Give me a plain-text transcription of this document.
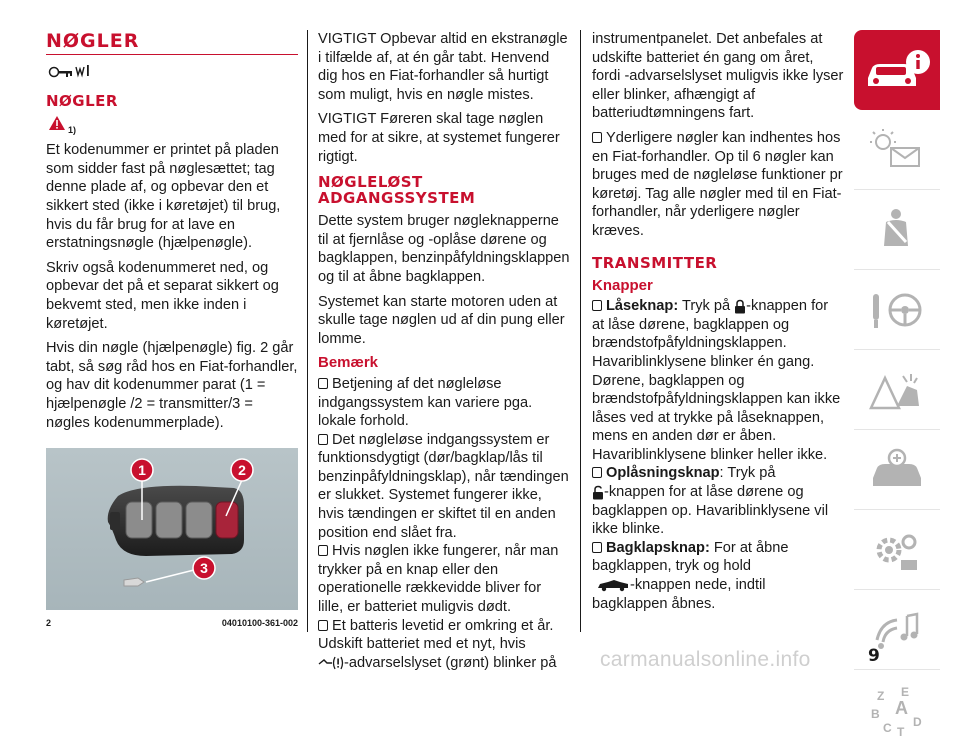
NØGLER
NØGLER
1)

Et kodenummer er printet på pladen som sidder fast på nøglesættet; tag denne plade af, og opbevar den et sikkert sted (ikke i køretøjet) til brug, hvis du får brug for at lave en erstatningsnøgle (hjælpenøgle).

Skriv også kodenummeret ned, og opbevar det på et separat sikkert og bekvemt sted, men ikke inden i køretøjet.

Hvis din nøgle (hjælpenøgle) fig. 2 går tabt, så søg råd hos en Fiat-forhandler, og hav dit kodenummer parat (1 = hjælpenøgle /2 = transmitter/3 = nøgles kodenummerplade).

1	2
3
2	04010100-361-002

VIGTIGT Opbevar altid en ekstranøgle i tilfælde af, at én går tabt. Henvend dig hos en Fiat-forhandler så hurtigt som muligt, hvis en nøgle mistes.

VIGTIGT Føreren skal tage nøglen med for at sikre, at systemet fungerer rigtigt.

NØGLELØST ADGANGSSYSTEM

Dette system bruger nøgleknapperne til at fjernlåse og -oplåse dørene og bagklappen, benzinpåfyldningsklappen og til at åbne bagklappen.

Systemet kan starte motoren uden at skulle tage nøglen ud af din pung eller lomme.

Bemærk
Betjening af det nøgleløse indgangssystem kan variere pga. lokale forhold.
Det nøgleløse indgangssystem er funktionsdygtigt (dør/bagklap/lås til benzinpåfyldningsklap), når tændingen er slukket. Systemet fungerer ikke, hvis tændingen er skiftet til en anden position end slået fra.
Hvis nøglen ikke fungerer, når man trykker på en knap eller den operationelle rækkevidde bliver for lille, er batteriet muligvis dødt.
Et batteris levetid er omkring et år. Udskift batteriet med et nyt, hvis
-advarselslyset (grønt) blinker på

instrumentpanelet. Det anbefales at udskifte batteriet én gang om året, fordi -advarselslyset muligvis ikke lyser eller blinker, afhængigt af batteriudtømningens fart.

Yderligere nøgler kan indhentes hos en Fiat-forhandler. Op til 6 nøgler kan bruges med de nøgleløse funktioner pr køretøj. Tag alle nøgler med til en Fiat-forhandler, når yderligere nøgler kræves.
TRANSMITTER
Knapper
Låseknap: Tryk på -knappen for at låse dørene, bagklappen og brændstofpåfyldningsklappen. Havariblinklysene blinker én gang. Dørene, bagklappen og brændstofpåfyldningsklappen kan ikke låses ved at trykke på låseknappen, mens en anden dør er åben. Havariblinklysene blinker heller ikke.
Oplåsningsknap: Tryk på
-knappen for at låse dørene og bagklappen op. Havariblinklysene vil ikke blinke.
Bagklapsknap: For at åbne bagklappen, tryk og hold
-knappen nede, indtil bagklappen åbnes.
Z E
B A
C T
D
carmanualsonline.info	9
